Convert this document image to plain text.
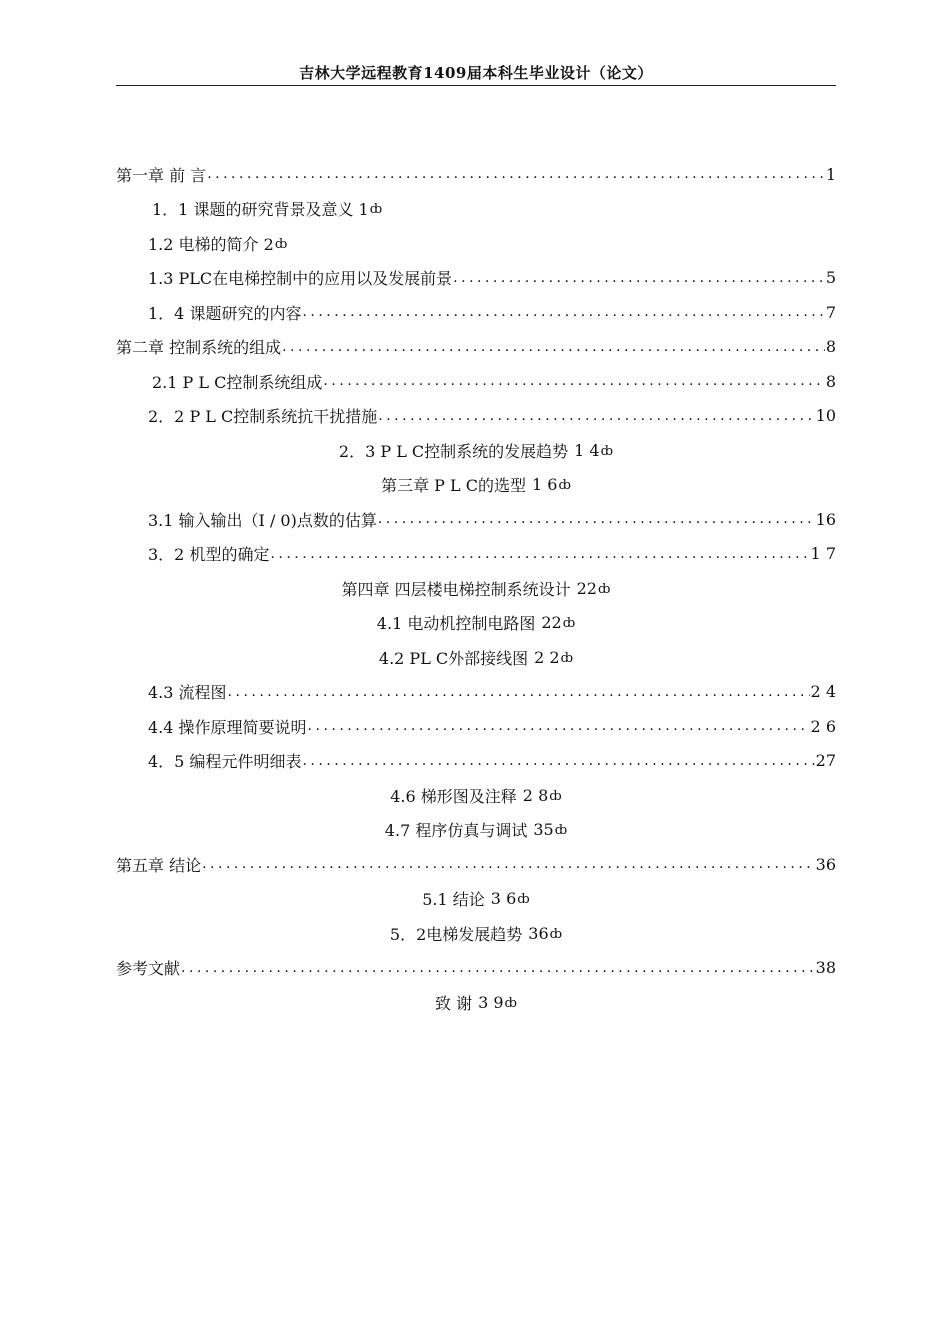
吉林大学远程教育1409届本科生毕业设计（论文）
第一章 前 言 .....	1
1．1 课题的研究背景及意义 1 ȸ
1.2 电梯的简介 2 ȸ
1.3 PLC在电梯控制中的应用以及发展前景 .....	5
1．4 课题研究的内容 .....	7
第二章 控制系统的组成 .....	8
2.1 P L C控制系统组成 .....	8
2．2 P L C控制系统抗干扰措施 .....	10
2．3 P L C控制系统的发展趋势 1 4 ȸ
第三章 P L C的选型 1 6 ȸ
3.1 输入输出（I / 0)点数的估算 .....	16
3．2 机型的确定 .....	1 7
第四章 四层楼电梯控制系统设计 22 ȸ
4.1 电动机控制电路图 22 ȸ
4.2 PL C外部接线图 2 2 ȸ
4.3 流程图 .....	2 4
4.4 操作原理简要说明 .....	2 6
4．5 编程元件明细表 .....	27
4.6 梯形图及注释 2 8 ȸ
4.7 程序仿真与调试 35 ȸ
第五章 结论 .....	36
5.1 结论 3 6 ȸ
5．2电梯发展趋势 36 ȸ
参考文献 .....	38
致 谢 3 9 ȸ
